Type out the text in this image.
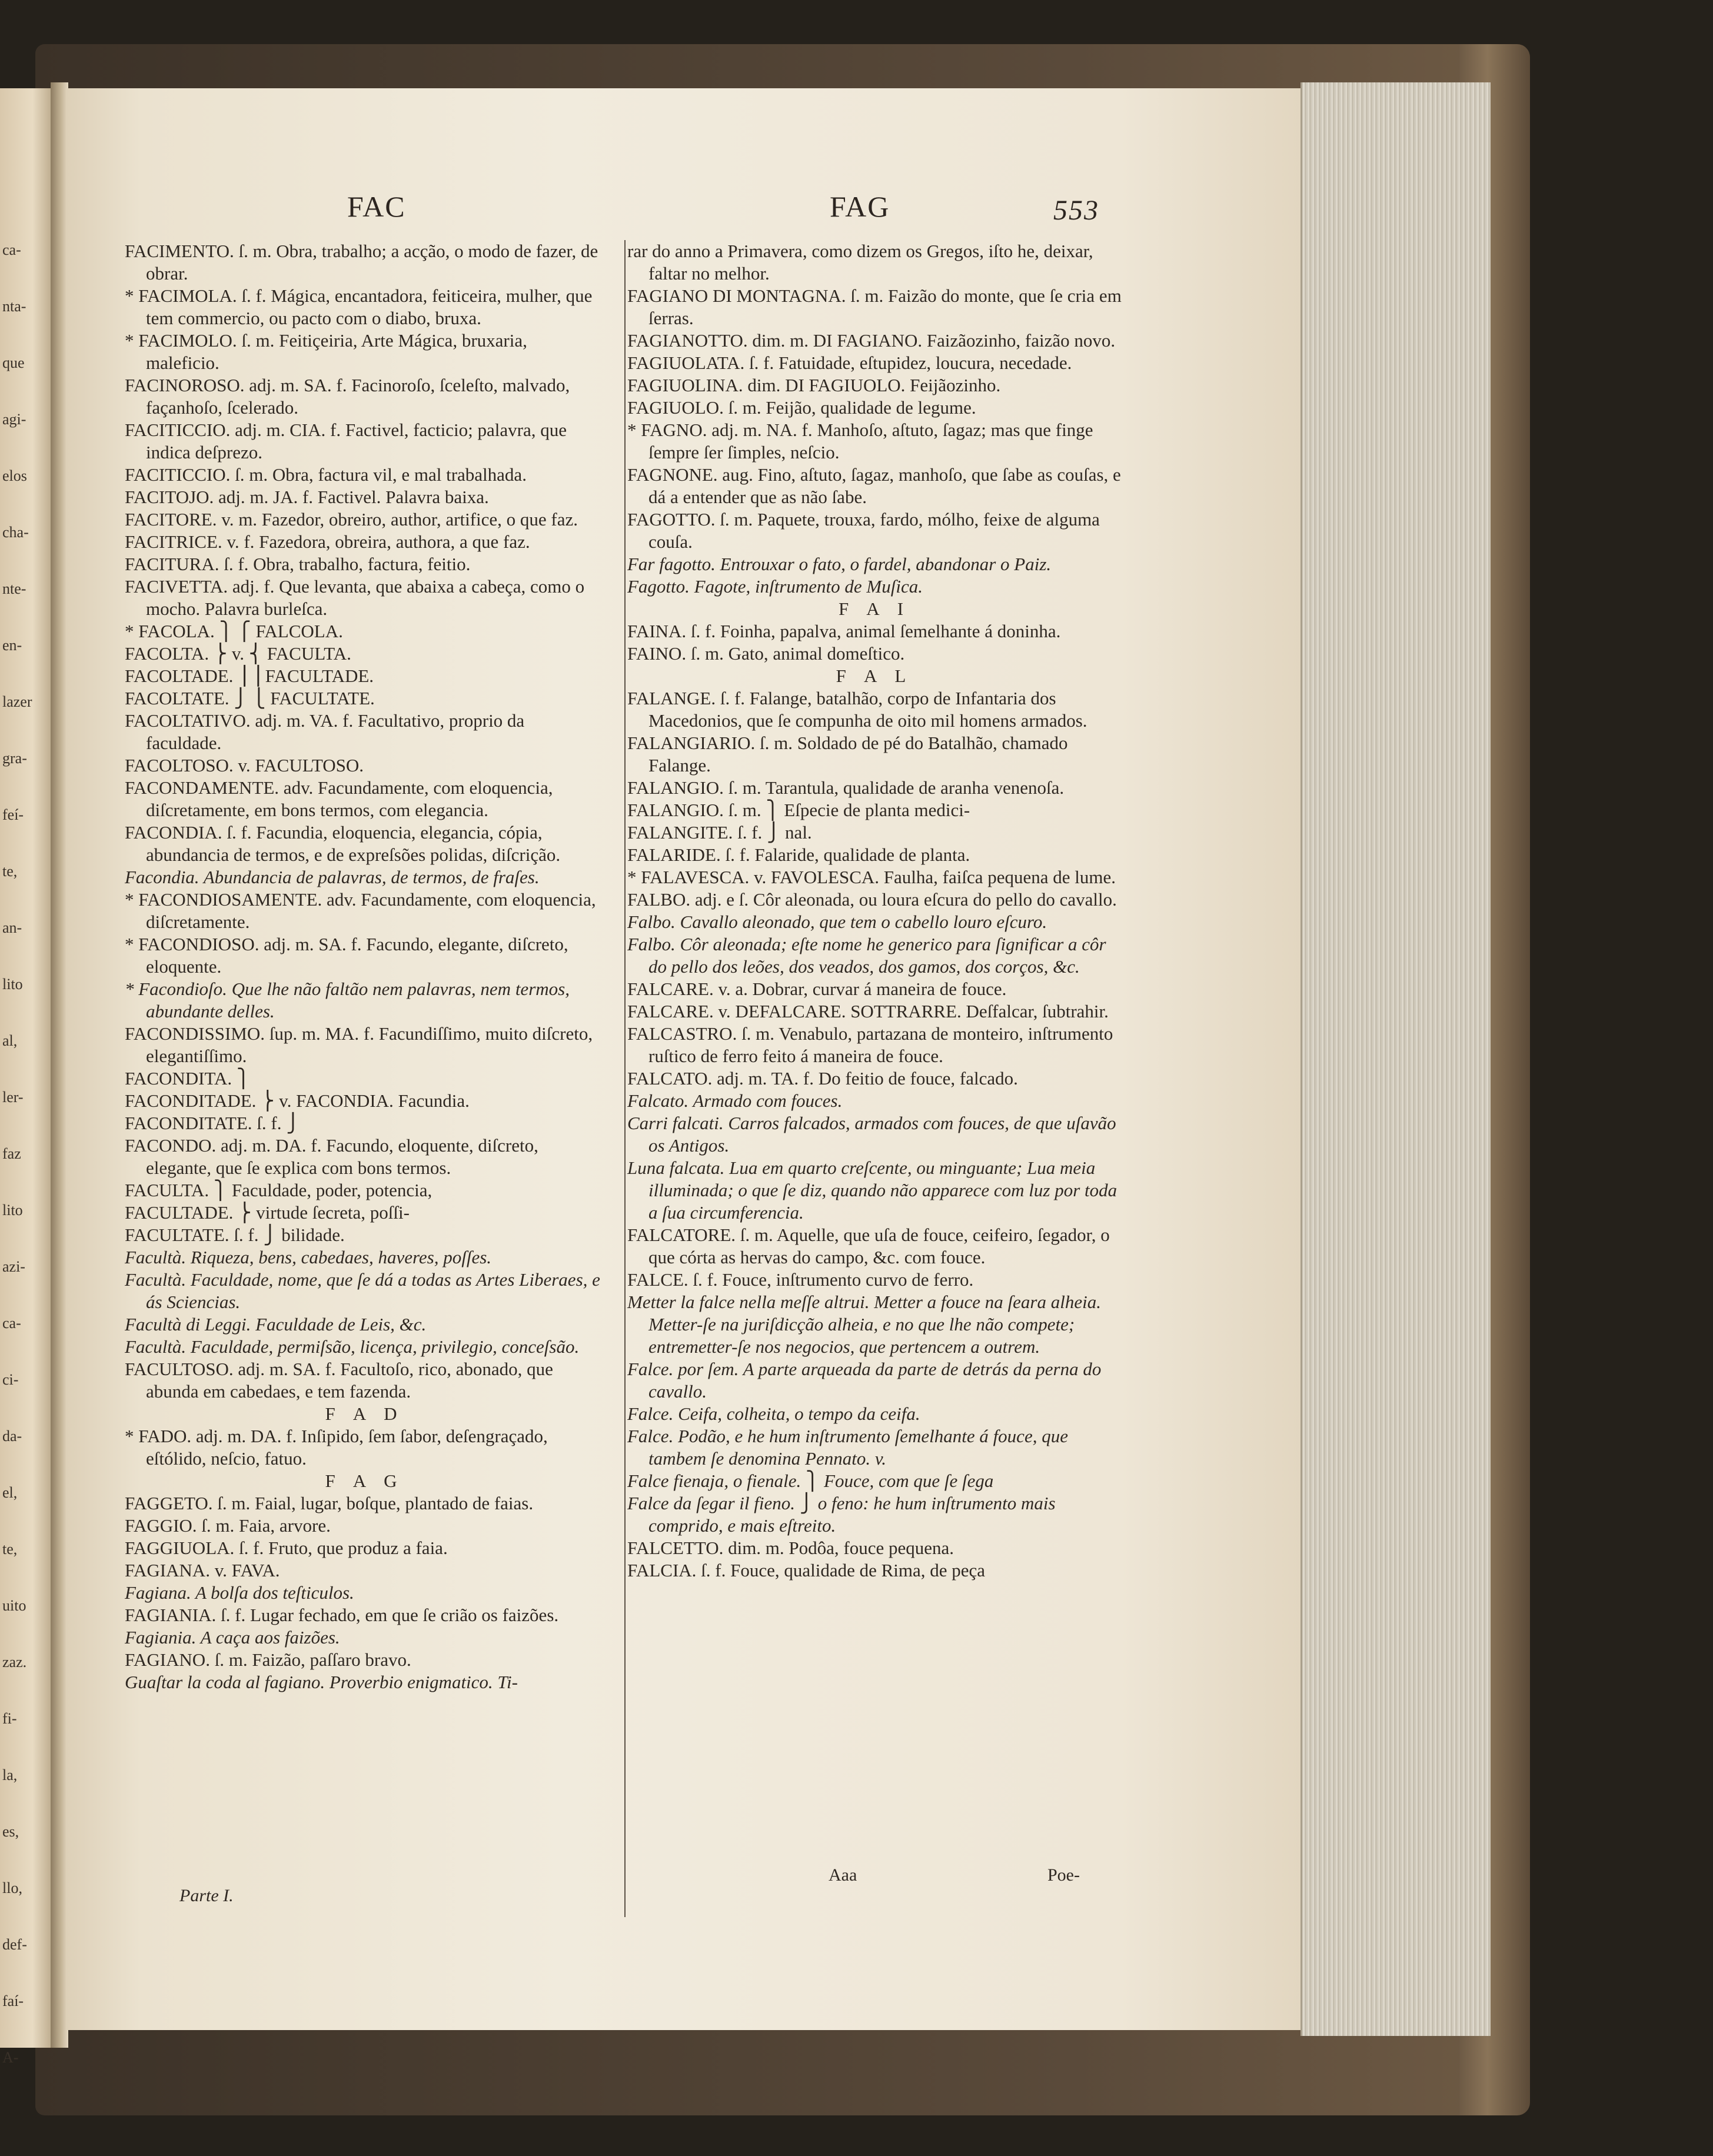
ca-
nta-
que
agi-
elos
cha-
nte-
en-
lazer
gra-
feí-
te,
an-
lito
al,
ler-
faz
lito
azi-
ca-
ci-
da-
el,
te,
uito
zaz.
fi-
la,
es,
llo,
def-
faí-
A-
FAC	FAG	553

FACIMENTO. ſ. m. Obra, trabalho; a acção, o modo de fazer, de obrar.

* FACIMOLA. ſ. f. Mágica, encantadora, feiticeira, mulher, que tem commercio, ou pacto com o diabo, bruxa.

* FACIMOLO. ſ. m. Feitiçeiria, Arte Mágica, bruxaria, maleficio.

FACINOROSO. adj. m. SA. f. Facinoroſo, ſceleſto, malvado, façanhoſo, ſcelerado.

FACITICCIO. adj. m. CIA. f. Factivel, facticio; palavra, que indica deſprezo.

FACITICCIO. ſ. m. Obra, factura vil, e mal trabalhada.

FACITOJO. adj. m. JA. f. Factivel. Palavra baixa.

FACITORE. v. m. Fazedor, obreiro, author, artifice, o que faz.

FACITRICE. v. f. Fazedora, obreira, authora, a que faz.

FACITURA. ſ. f. Obra, trabalho, factura, feitio.

FACIVETTA. adj. f. Que levanta, que abaixa a cabeça, como o mocho. Palavra burleſca.

* FACOLA. ⎫ ⎧ FALCOLA.

FACOLTA. ⎬ v. ⎨ FACULTA.

FACOLTADE. ⎟ ⎟ FACULTADE.

FACOLTATE. ⎭ ⎩ FACULTATE.

FACOLTATIVO. adj. m. VA. f. Facultativo, proprio da faculdade.

FACOLTOSO. v. FACULTOSO.

FACONDAMENTE. adv. Facundamente, com eloquencia, diſcretamente, em bons termos, com elegancia.

FACONDIA. ſ. f. Facundia, eloquencia, elegancia, cópia, abundancia de termos, e de expreſsões polidas, diſcrição.

Facondia. Abundancia de palavras, de termos, de fraſes.

* FACONDIOSAMENTE. adv. Facundamente, com eloquencia, diſcretamente.

* FACONDIOSO. adj. m. SA. f. Facundo, elegante, diſcreto, eloquente.

* Facondioſo. Que lhe não faltão nem palavras, nem termos, abundante delles.

FACONDISSIMO. ſup. m. MA. f. Facundiſſimo, muito diſcreto, elegantiſſimo.

FACONDITA. ⎫

FACONDITADE. ⎬ v. FACONDIA. Facundia.

FACONDITATE. ſ. f. ⎭

FACONDO. adj. m. DA. f. Facundo, eloquente, diſcreto, elegante, que ſe explica com bons termos.

FACULTA. ⎫ Faculdade, poder, potencia,

FACULTADE. ⎬ virtude ſecreta, poſſi-

FACULTATE. ſ. f. ⎭ bilidade.

Facultà. Riqueza, bens, cabedaes, haveres, poſſes.

Facultà. Faculdade, nome, que ſe dá a todas as Artes Liberaes, e ás Sciencias.

Facultà di Leggi. Faculdade de Leis, &c.

Facultà. Faculdade, permiſsão, licença, privilegio, conceſsão.

FACULTOSO. adj. m. SA. f. Facultoſo, rico, abonado, que abunda em cabedaes, e tem fazenda.

F A D

* FADO. adj. m. DA. f. Inſipido, ſem ſabor, deſengraçado, eſtólido, neſcio, fatuo.

F A G

FAGGETO. ſ. m. Faial, lugar, boſque, plantado de faias.

FAGGIO. ſ. m. Faia, arvore.

FAGGIUOLA. ſ. f. Fruto, que produz a faia.

FAGIANA. v. FAVA.

Fagiana. A bolſa dos teſticulos.

FAGIANIA. ſ. f. Lugar fechado, em que ſe crião os faizões.

Fagiania. A caça aos faizões.

FAGIANO. ſ. m. Faizão, paſſaro bravo.

Guaſtar la coda al fagiano. Proverbio enigmatico. Ti-

rar do anno a Primavera, como dizem os Gregos, iſto he, deixar, faltar no melhor.

FAGIANO DI MONTAGNA. ſ. m. Faizão do monte, que ſe cria em ſerras.

FAGIANOTTO. dim. m. DI FAGIANO. Faizãozinho, faizão novo.

FAGIUOLATA. ſ. f. Fatuidade, eſtupidez, loucura, necedade.

FAGIUOLINA. dim. DI FAGIUOLO. Feijãozinho.

FAGIUOLO. ſ. m. Feijão, qualidade de legume.

* FAGNO. adj. m. NA. f. Manhoſo, aſtuto, ſagaz; mas que finge ſempre ſer ſimples, neſcio.

FAGNONE. aug. Fino, aſtuto, ſagaz, manhoſo, que ſabe as couſas, e dá a entender que as não ſabe.

FAGOTTO. ſ. m. Paquete, trouxa, fardo, mólho, feixe de alguma couſa.

Far fagotto. Entrouxar o fato, o fardel, abandonar o Paiz.

Fagotto. Fagote, inſtrumento de Muſica.

F A I

FAINA. ſ. f. Foinha, papalva, animal ſemelhante á doninha.

FAINO. ſ. m. Gato, animal domeſtico.

F A L

FALANGE. ſ. f. Falange, batalhão, corpo de Infantaria dos Macedonios, que ſe compunha de oito mil homens armados.

FALANGIARIO. ſ. m. Soldado de pé do Batalhão, chamado Falange.

FALANGIO. ſ. m. Tarantula, qualidade de aranha venenoſa.

FALANGIO. ſ. m. ⎫ Eſpecie de planta medici-

FALANGITE. ſ. f. ⎭ nal.

FALARIDE. ſ. f. Falaride, qualidade de planta.

* FALAVESCA. v. FAVOLESCA. Faulha, faiſca pequena de lume.

FALBO. adj. e ſ. Côr aleonada, ou loura eſcura do pello do cavallo.

Falbo. Cavallo aleonado, que tem o cabello louro eſcuro.

Falbo. Côr aleonada; eſte nome he generico para ſignificar a côr do pello dos leões, dos veados, dos gamos, dos corços, &c.

FALCARE. v. a. Dobrar, curvar á maneira de fouce.

FALCARE. v. DEFALCARE. SOTTRARRE. Deſfalcar, ſubtrahir.

FALCASTRO. ſ. m. Venabulo, partazana de monteiro, inſtrumento ruſtico de ferro feito á maneira de fouce.

FALCATO. adj. m. TA. f. Do feitio de fouce, falcado.

Falcato. Armado com fouces.

Carri falcati. Carros falcados, armados com fouces, de que uſavão os Antigos.

Luna falcata. Lua em quarto creſcente, ou minguante; Lua meia illuminada; o que ſe diz, quando não apparece com luz por toda a ſua circumferencia.

FALCATORE. ſ. m. Aquelle, que uſa de fouce, ceifeiro, ſegador, o que córta as hervas do campo, &c. com fouce.

FALCE. ſ. f. Fouce, inſtrumento curvo de ferro.

Metter la falce nella meſſe altrui. Metter a fouce na ſeara alheia. Metter-ſe na juriſdicção alheia, e no que lhe não compete; entremetter-ſe nos negocios, que pertencem a outrem.

Falce. por ſem. A parte arqueada da parte de detrás da perna do cavallo.

Falce. Ceifa, colheita, o tempo da ceifa.

Falce. Podão, e he hum inſtrumento ſemelhante á fouce, que tambem ſe denomina Pennato. v.

Falce fienaja, o fienale. ⎫ Fouce, com que ſe ſega

Falce da ſegar il fieno. ⎭ o feno: he hum inſtrumento mais comprido, e mais eſtreito.

FALCETTO. dim. m. Podôa, fouce pequena.

FALCIA. ſ. f. Fouce, qualidade de Rima, de peça

Parte I.
Aaa	Poe-
